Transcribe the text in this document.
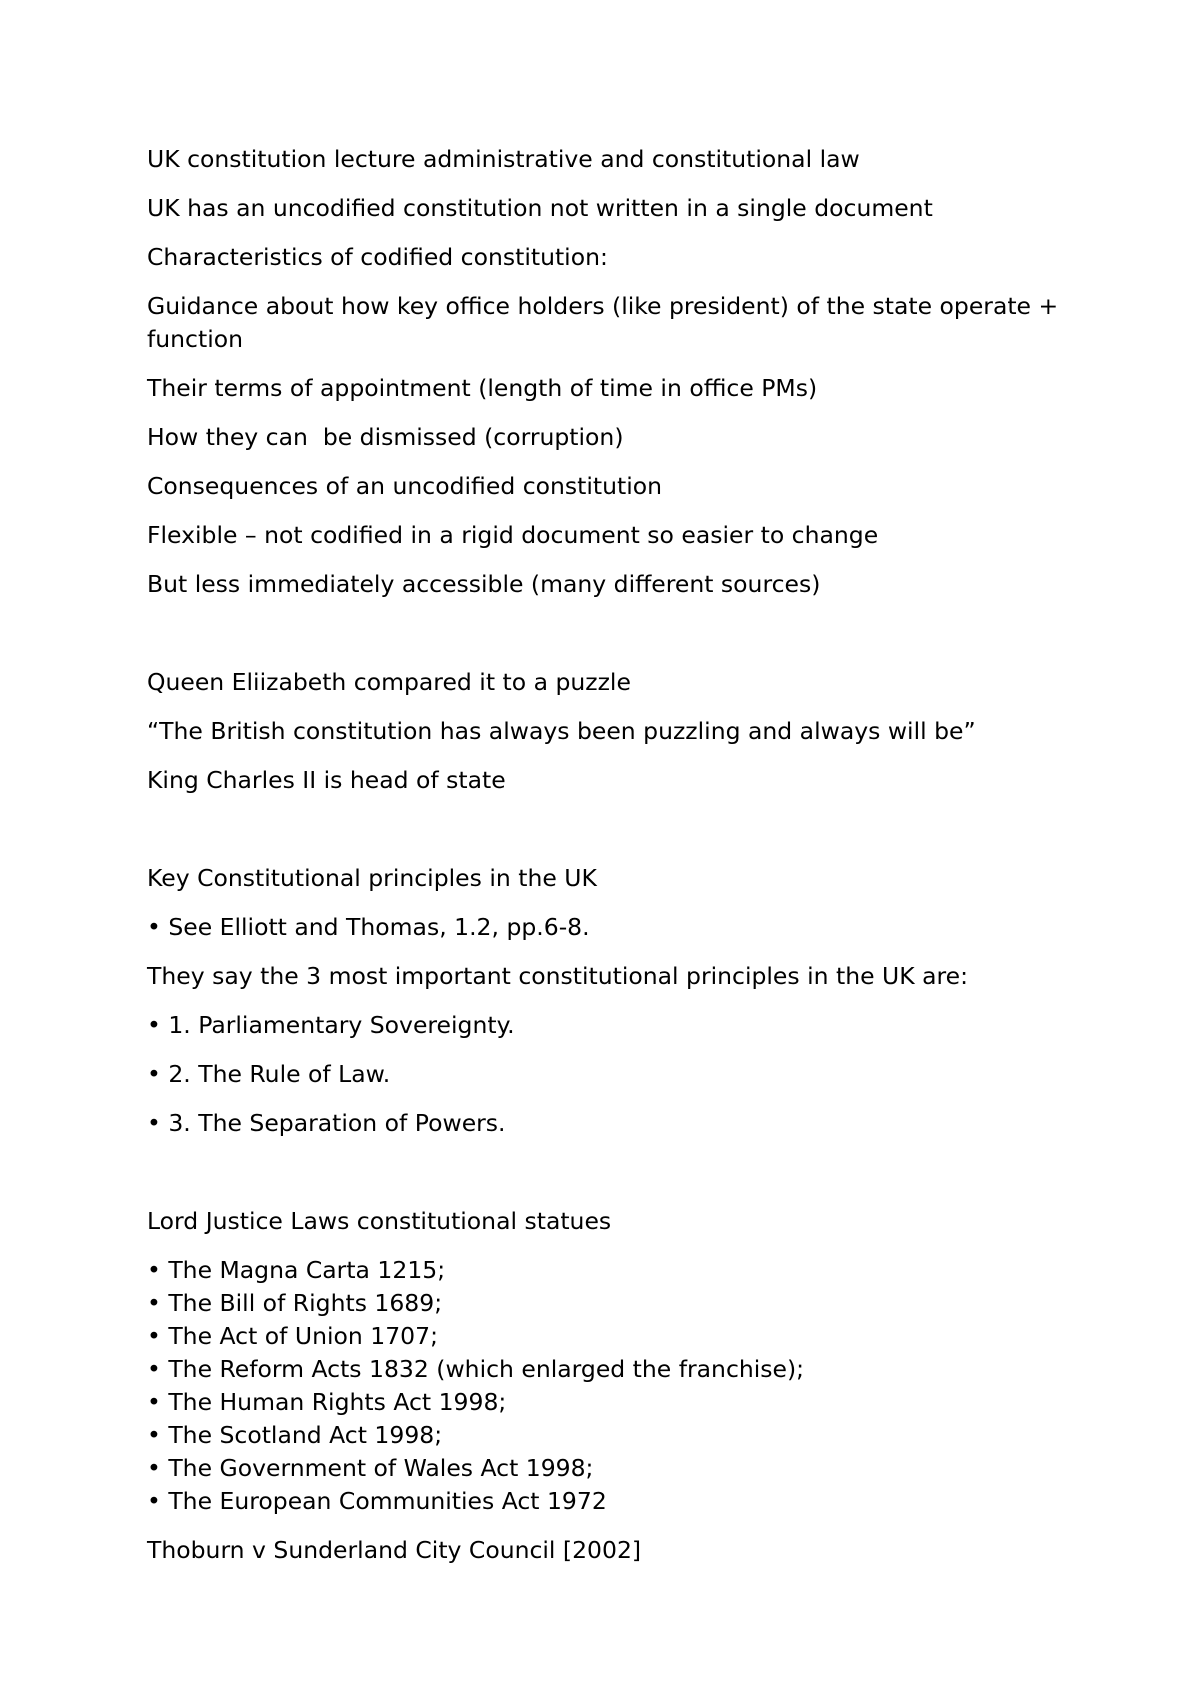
UK constitution lecture administrative and constitutional law

UK has an uncodified constitution not written in a single document

Characteristics of codified constitution:

Guidance about how key office holders (like president) of the state operate + function

Their terms of appointment (length of time in office PMs)

How they can  be dismissed (corruption)

Consequences of an uncodified constitution

Flexible – not codified in a rigid document so easier to change

But less immediately accessible (many different sources)

Queen Eliizabeth compared it to a puzzle

“The British constitution has always been puzzling and always will be”

King Charles II is head of state

Key Constitutional principles in the UK

• See Elliott and Thomas, 1.2, pp.6-8.

They say the 3 most important constitutional principles in the UK are:

• 1. Parliamentary Sovereignty.

• 2. The Rule of Law.

• 3. The Separation of Powers.

Lord Justice Laws constitutional statues

• The Magna Carta 1215;
• The Bill of Rights 1689;
• The Act of Union 1707;
• The Reform Acts 1832 (which enlarged the franchise);
• The Human Rights Act 1998;
• The Scotland Act 1998;
• The Government of Wales Act 1998;
• The European Communities Act 1972

Thoburn v Sunderland City Council [2002]
